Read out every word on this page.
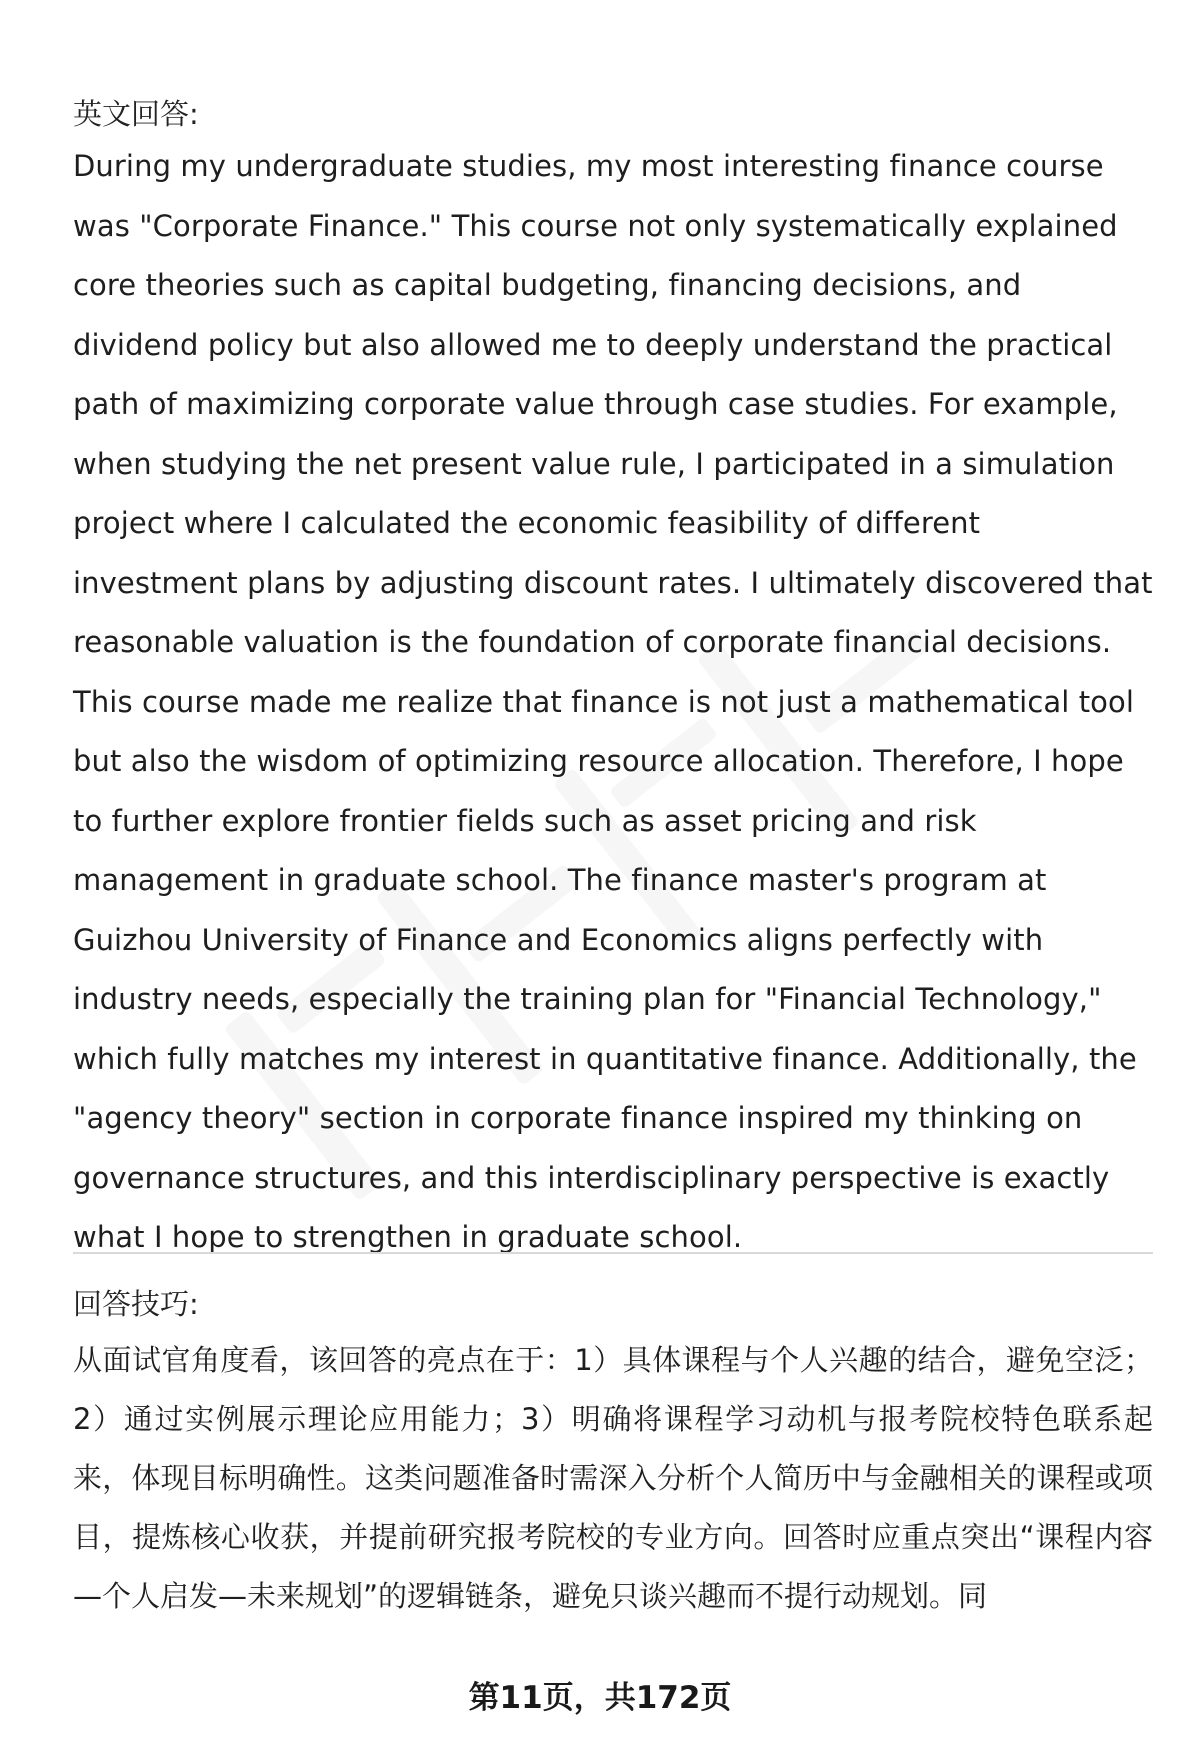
英文回答:

During my undergraduate studies, my most interesting finance course was "Corporate Finance." This course not only systematically explained core theories such as capital budgeting, financing decisions, and dividend policy but also allowed me to deeply understand the practical path of maximizing corporate value through case studies. For example, when studying the net present value rule, I participated in a simulation project where I calculated the economic feasibility of different investment plans by adjusting discount rates. I ultimately discovered that reasonable valuation is the foundation of corporate financial decisions. This course made me realize that finance is not just a mathematical tool but also the wisdom of optimizing resource allocation. Therefore, I hope to further explore frontier fields such as asset pricing and risk management in graduate school. The finance master's program at Guizhou University of Finance and Economics aligns perfectly with industry needs, especially the training plan for "Financial Technology," which fully matches my interest in quantitative finance. Additionally, the "agency theory" section in corporate finance inspired my thinking on governance structures, and this interdisciplinary perspective is exactly what I hope to strengthen in graduate school.

回答技巧:

从面试官角度看，该回答的亮点在于：1）具体课程与个人兴趣的结合，避免空泛；2）通过实例展示理论应用能力；3）明确将课程学习动机与报考院校特色联系起来，体现目标明确性。这类问题准备时需深入分析个人简历中与金融相关的课程或项目，提炼核心收获，并提前研究报考院校的专业方向。回答时应重点突出“课程内容—个人启发—未来规划”的逻辑链条，避免只谈兴趣而不提行动规划。同

第11页，共172页
